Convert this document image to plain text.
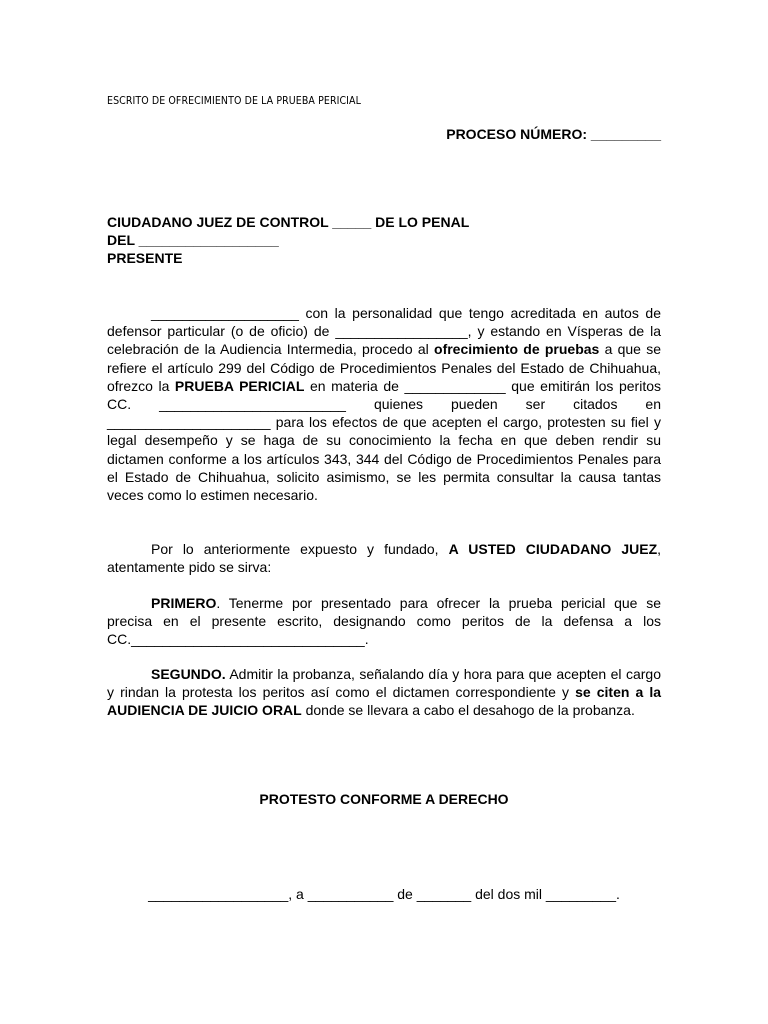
ESCRITO DE OFRECIMIENTO DE LA PRUEBA PERICIAL
PROCESO NÚMERO: _________
CIUDADANO JUEZ DE CONTROL _____ DE LO PENAL
DEL __________________
PRESENTE
___________________ con la personalidad que tengo acreditada en autos de defensor particular (o de oficio) de _________________, y estando en Vísperas de la celebración de la Audiencia Intermedia, procedo al ofrecimiento de pruebas a que se refiere el artículo 299 del Código de Procedimientos Penales del Estado de Chihuahua, ofrezco la PRUEBA PERICIAL en materia de _____________ que emitirán los peritos CC. ________________________ quienes pueden ser citados en _____________________ para los efectos de que acepten el cargo, protesten su fiel y legal desempeño y se haga de su conocimiento la fecha en que deben rendir su dictamen conforme a los artículos 343, 344 del Código de Procedimientos Penales para el Estado de Chihuahua, solicito asimismo, se les permita consultar la causa tantas veces como lo estimen necesario.
Por lo anteriormente expuesto y fundado, A USTED CIUDADANO JUEZ, atentamente pido se sirva:
PRIMERO. Tenerme por presentado para ofrecer la prueba pericial que se precisa en el presente escrito, designando como peritos de la defensa a los CC.______________________________.
SEGUNDO. Admitir la probanza, señalando día y hora para que acepten el cargo y rindan la protesta los peritos así como el dictamen correspondiente y se citen a la AUDIENCIA DE JUICIO ORAL donde se llevara a cabo el desahogo de la probanza.
PROTESTO CONFORME A DERECHO
__________________, a ___________ de _______ del dos mil _________.
